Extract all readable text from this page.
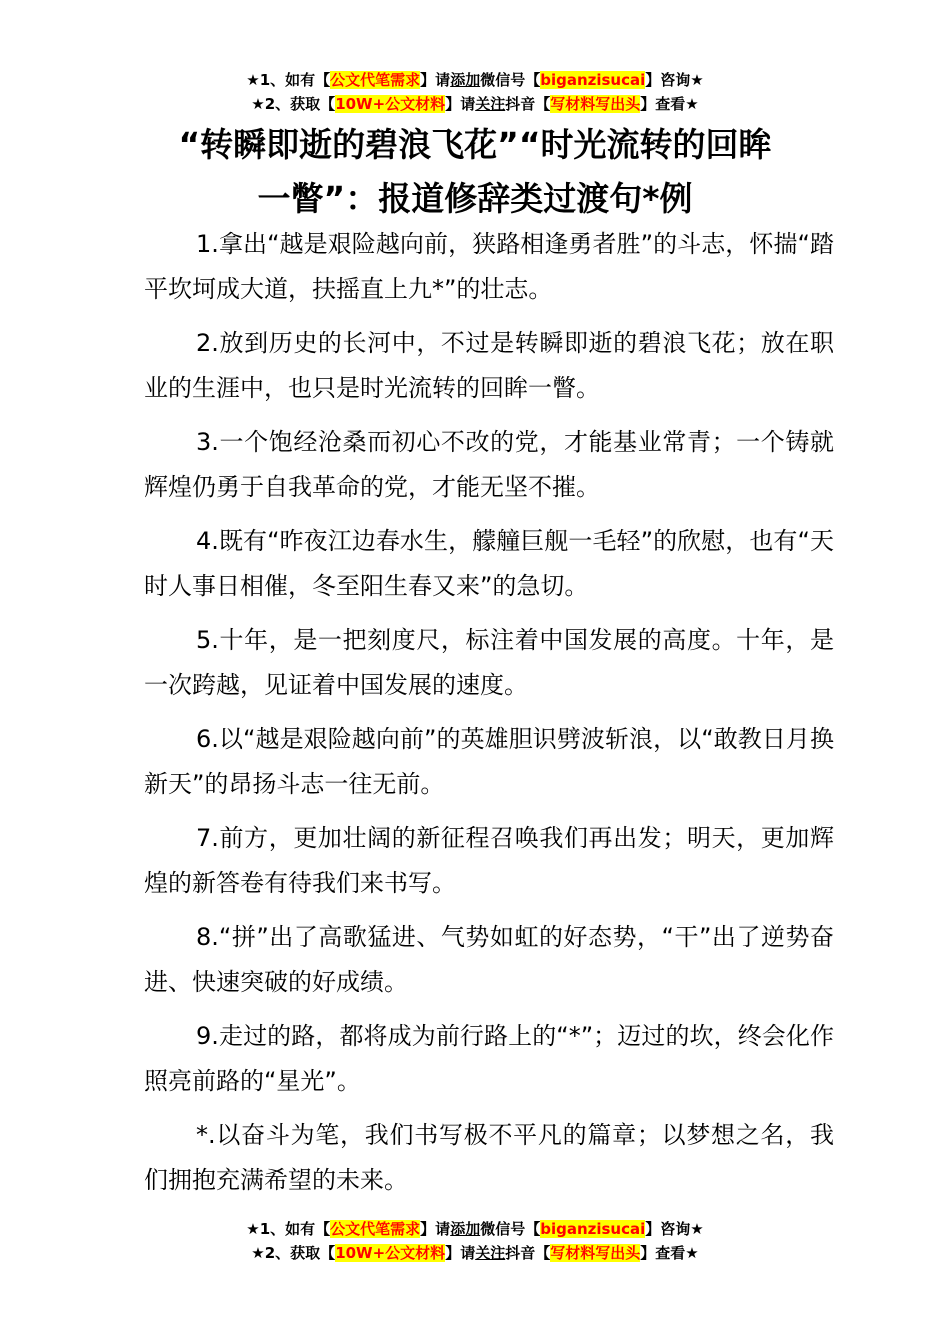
★1、如有【公文代笔需求】请添加微信号【biganzisucai】咨询★
★2、获取【10W+公文材料】请关注抖音【写材料写出头】查看★
“转瞬即逝的碧浪飞花”“时光流转的回眸
一瞥”：报道修辞类过渡句*例

1.拿出“越是艰险越向前，狭路相逢勇者胜”的斗志，怀揣“踏平坎坷成大道，扶摇直上九*”的壮志。

2.放到历史的长河中，不过是转瞬即逝的碧浪飞花；放在职业的生涯中，也只是时光流转的回眸一瞥。

3.一个饱经沧桑而初心不改的党，才能基业常青；一个铸就辉煌仍勇于自我革命的党，才能无坚不摧。

4.既有“昨夜江边春水生，艨艟巨舰一毛轻”的欣慰，也有“天时人事日相催，冬至阳生春又来”的急切。

5.十年，是一把刻度尺，标注着中国发展的高度。十年，是一次跨越，见证着中国发展的速度。

6.以“越是艰险越向前”的英雄胆识劈波斩浪，以“敢教日月换新天”的昂扬斗志一往无前。

7.前方，更加壮阔的新征程召唤我们再出发；明天，更加辉煌的新答卷有待我们来书写。

8.“拼”出了高歌猛进、气势如虹的好态势，“干”出了逆势奋进、快速突破的好成绩。

9.走过的路，都将成为前行路上的“*”；迈过的坎，终会化作照亮前路的“星光”。

*.以奋斗为笔，我们书写极不平凡的篇章；以梦想之名，我们拥抱充满希望的未来。

★1、如有【公文代笔需求】请添加微信号【biganzisucai】咨询★
★2、获取【10W+公文材料】请关注抖音【写材料写出头】查看★
